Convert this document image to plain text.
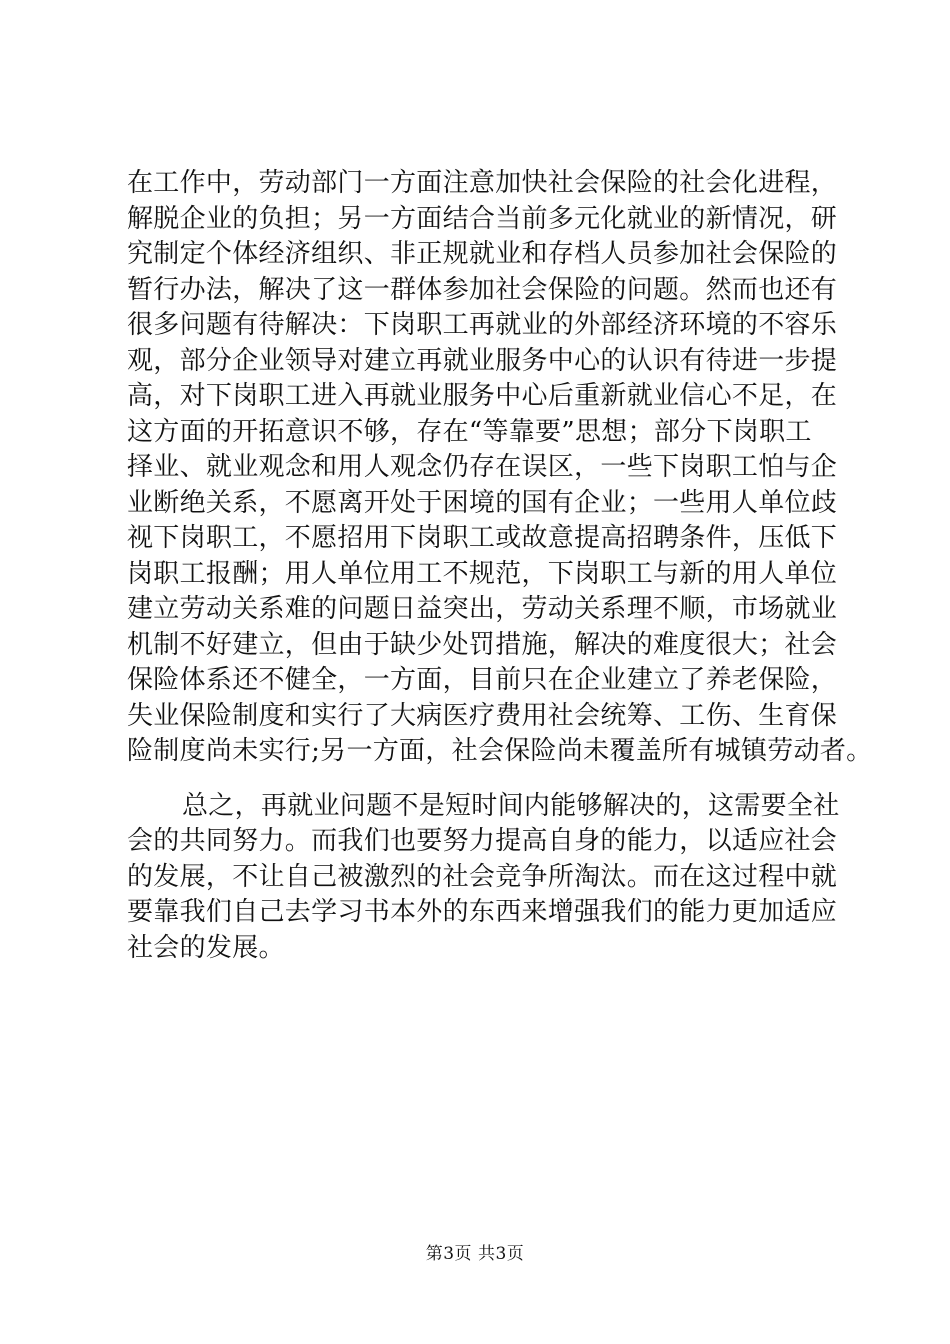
在工作中，劳动部门一方面注意加快社会保险的社会化进程，
解脱企业的负担；另一方面结合当前多元化就业的新情况，研
究制定个体经济组织、非正规就业和存档人员参加社会保险的
暂行办法，解决了这一群体参加社会保险的问题。然而也还有
很多问题有待解决：下岗职工再就业的外部经济环境的不容乐
观，部分企业领导对建立再就业服务中心的认识有待进一步提
高，对下岗职工进入再就业服务中心后重新就业信心不足，在
这方面的开拓意识不够，存在“等靠要”思想；部分下岗职工
择业、就业观念和用人观念仍存在误区，一些下岗职工怕与企
业断绝关系，不愿离开处于困境的国有企业；一些用人单位歧
视下岗职工，不愿招用下岗职工或故意提高招聘条件，压低下
岗职工报酬；用人单位用工不规范，下岗职工与新的用人单位
建立劳动关系难的问题日益突出，劳动关系理不顺，市场就业
机制不好建立，但由于缺少处罚措施，解决的难度很大；社会
保险体系还不健全，一方面，目前只在企业建立了养老保险，
失业保险制度和实行了大病医疗费用社会统筹、工伤、生育保
险制度尚未实行;另一方面，社会保险尚未覆盖所有城镇劳动者。
总之，再就业问题不是短时间内能够解决的，这需要全社
会的共同努力。而我们也要努力提高自身的能力，以适应社会
的发展，不让自己被激烈的社会竞争所淘汰。而在这过程中就
要靠我们自己去学习书本外的东西来增强我们的能力更加适应
社会的发展。
第3页 共3页
